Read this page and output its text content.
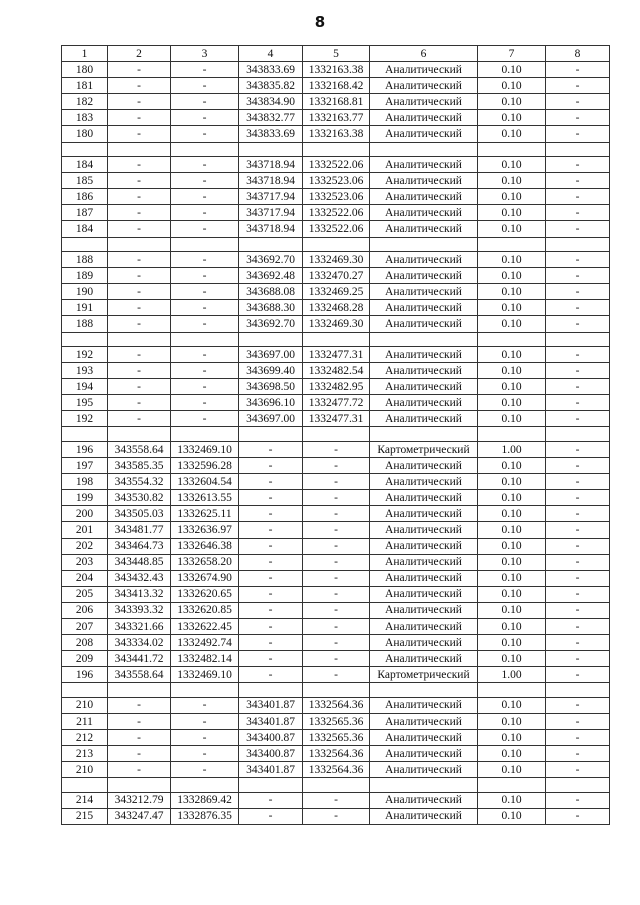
8
1	2	3	4	5	6	7	8
180	-	-	343833.69	1332163.38	Аналитический	0.10	-
181	-	-	343835.82	1332168.42	Аналитический	0.10	-
182	-	-	343834.90	1332168.81	Аналитический	0.10	-
183	-	-	343832.77	1332163.77	Аналитический	0.10	-
180	-	-	343833.69	1332163.38	Аналитический	0.10	-

184	-	-	343718.94	1332522.06	Аналитический	0.10	-
185	-	-	343718.94	1332523.06	Аналитический	0.10	-
186	-	-	343717.94	1332523.06	Аналитический	0.10	-
187	-	-	343717.94	1332522.06	Аналитический	0.10	-
184	-	-	343718.94	1332522.06	Аналитический	0.10	-

188	-	-	343692.70	1332469.30	Аналитический	0.10	-
189	-	-	343692.48	1332470.27	Аналитический	0.10	-
190	-	-	343688.08	1332469.25	Аналитический	0.10	-
191	-	-	343688.30	1332468.28	Аналитический	0.10	-
188	-	-	343692.70	1332469.30	Аналитический	0.10	-

192	-	-	343697.00	1332477.31	Аналитический	0.10	-
193	-	-	343699.40	1332482.54	Аналитический	0.10	-
194	-	-	343698.50	1332482.95	Аналитический	0.10	-
195	-	-	343696.10	1332477.72	Аналитический	0.10	-
192	-	-	343697.00	1332477.31	Аналитический	0.10	-

196	343558.64	1332469.10	-	-	Картометрический	1.00	-
197	343585.35	1332596.28	-	-	Аналитический	0.10	-
198	343554.32	1332604.54	-	-	Аналитический	0.10	-
199	343530.82	1332613.55	-	-	Аналитический	0.10	-
200	343505.03	1332625.11	-	-	Аналитический	0.10	-
201	343481.77	1332636.97	-	-	Аналитический	0.10	-
202	343464.73	1332646.38	-	-	Аналитический	0.10	-
203	343448.85	1332658.20	-	-	Аналитический	0.10	-
204	343432.43	1332674.90	-	-	Аналитический	0.10	-
205	343413.32	1332620.65	-	-	Аналитический	0.10	-
206	343393.32	1332620.85	-	-	Аналитический	0.10	-
207	343321.66	1332622.45	-	-	Аналитический	0.10	-
208	343334.02	1332492.74	-	-	Аналитический	0.10	-
209	343441.72	1332482.14	-	-	Аналитический	0.10	-
196	343558.64	1332469.10	-	-	Картометрический	1.00	-

210	-	-	343401.87	1332564.36	Аналитический	0.10	-
211	-	-	343401.87	1332565.36	Аналитический	0.10	-
212	-	-	343400.87	1332565.36	Аналитический	0.10	-
213	-	-	343400.87	1332564.36	Аналитический	0.10	-
210	-	-	343401.87	1332564.36	Аналитический	0.10	-

214	343212.79	1332869.42	-	-	Аналитический	0.10	-
215	343247.47	1332876.35	-	-	Аналитический	0.10	-
